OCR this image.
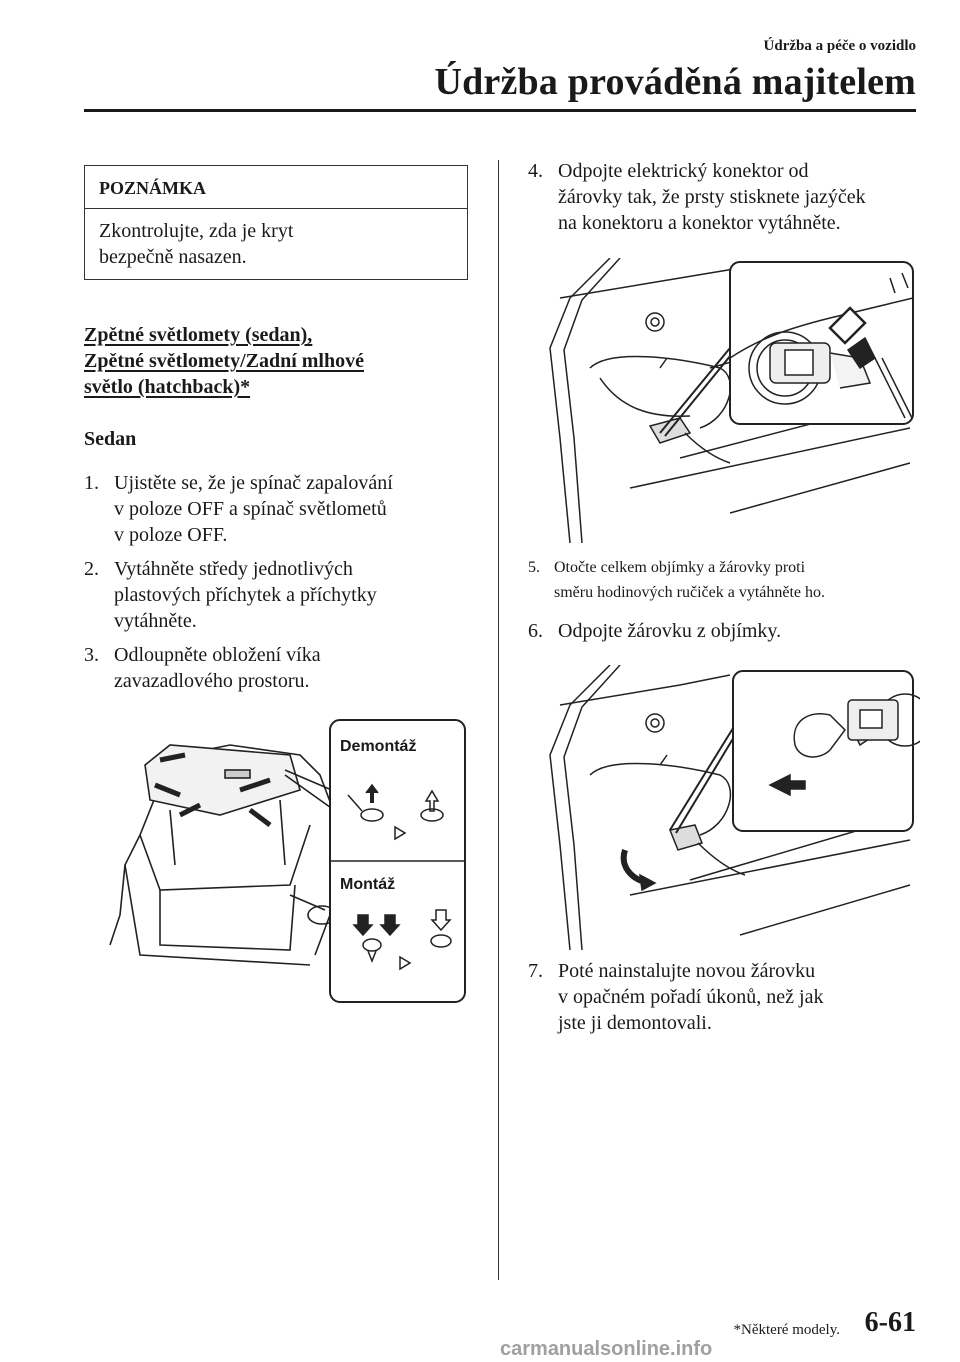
Údržba a péče o vozidlo
Údržba prováděná majitelem
POZNÁMKA
Zkontrolujte, zda je kryt
bezpečně nasazen.
Zpětné světlomety (sedan),
Zpětné světlomety/Zadní mlhové
světlo (hatchback)*
Sedan
1. Ujistěte se, že je spínač zapalování
v poloze OFF a spínač světlometů
v poloze OFF.
2. Vytáhněte středy jednotlivých
plastových příchytek a příchytky
vytáhněte.
3. Odloupněte obložení víka
zavazadlového prostoru.
Demontáž
Montáž
4. Odpojte elektrický konektor od
žárovky tak, že prsty stisknete jazýček
na konektoru a konektor vytáhněte.
5. Otočte celkem objímky a žárovky proti
směru hodinových ručiček a vytáhněte ho.
6. Odpojte žárovku z objímky.
7. Poté nainstalujte novou žárovku
v opačném pořadí úkonů, než jak
jste ji demontovali.
*Některé modely. 6-61
carmanualsonline.info
